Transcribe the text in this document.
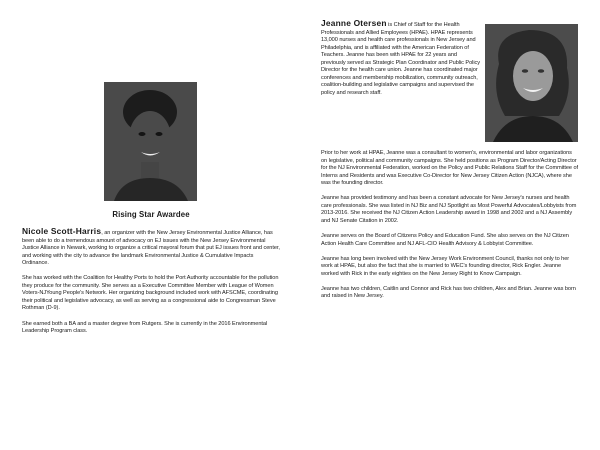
Rising Star Awardee

Nicole Scott-Harris, an organizer with the New Jersey Environmental Justice Alliance, has been able to do a tremendous amount of advocacy on EJ issues with the New Jersey Environmental Justice Alliance in Newark, working to organize a critical mayoral forum that put EJ issues front and center, and working with the city to advance the landmark Environmental Justice & Cumulative Impacts Ordinance.

She has worked with the Coalition for Healthy Ports to hold the Port Authority accountable for the pollution they produce for the community. She serves as a Executive Committee Member with League of Women Voters-NJYoung People's Network. Her organizing background included work with AFSCME, coordinating their political and legislative advocacy, as well as serving as a congressional aide to Congressman Steve Rothman (D-9).

She earned both a BA and a master degree from Rutgers. She is currently in the 2016 Environmental Leadership Program class.

Jeanne Otersen is Chief of Staff for the Health Professionals and Allied Employees (HPAE). HPAE represents 13,000 nurses and health care professionals in New Jersey and Philadelphia, and is affiliated with the American Federation of Teachers. Jeanne has been with HPAE for 22 years and previously served as Strategic Plan Coordinator and Public Policy Director for the health care union. Jeanne has coordinated major conferences and membership mobilization, community outreach, coalition-building and legislative campaigns and supervised the policy and research staff.

Prior to her work at HPAE, Jeanne was a consultant to women's, environmental and labor organizations on legislative, political and community campaigns. She held positions as Program Director/Acting Director for the NJ Environmental Federation, worked on the Policy and Public Relations Staff for the Committee of Interns and Residents and was Executive Co-Director for New Jersey Citizen Action (NJCA), where she was the founding director.

Jeanne has provided testimony and has been a constant advocate for New Jersey's nurses and health care professionals. She was listed in NJ Biz and NJ Spotlight as Most Powerful Advocates/Lobbyists from 2013-2016. She received the NJ Citizen Action Leadership award in 1998 and 2002 and a NJ Assembly and NJ Senate Citation in 2002.

Jeanne serves on the Board of Citizens Policy and Education Fund. She also serves on the NJ Citizen Action Health Care Committee and NJ AFL-CIO Health Advisory & Lobbyist Committee.

Jeanne has long been involved with the New Jersey Work Environment Council, thanks not only to her work at HPAE, but also the fact that she is married to WEC's founding director, Rick Engler. Jeanne worked with Rick in the early eighties on the New Jersey Right to Know Campaign.

Jeanne has two children, Caitlin and Connor and Rick has two children, Alex and Brian. Jeanne was born and raised in New Jersey.
